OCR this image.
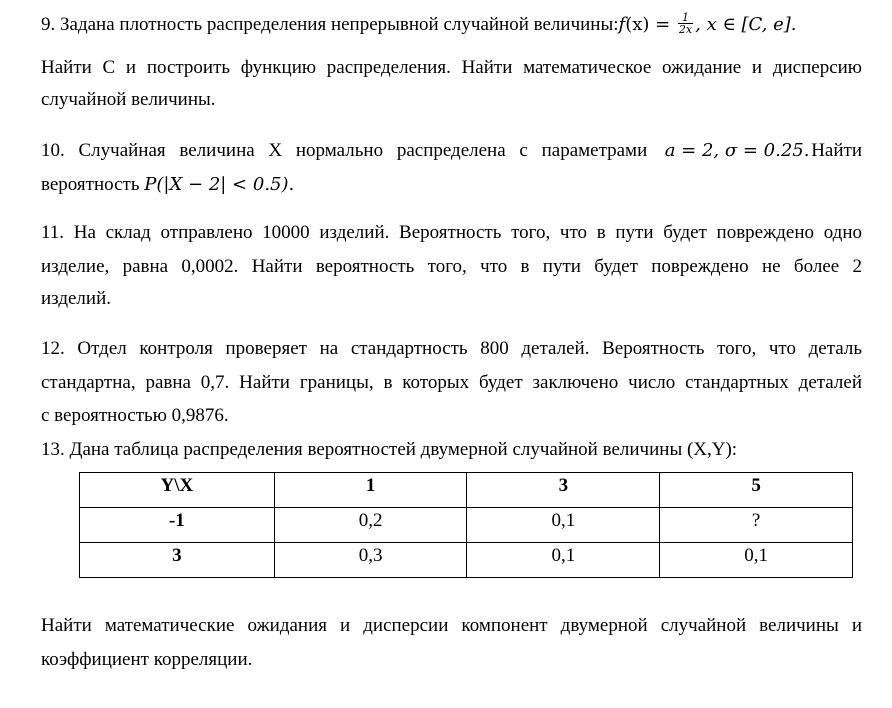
9. Задана плотность распределения непрерывной случайной величины:f(x) = $\frac{1}{2x}$ , x ∈ [C, e].
Найти С и построить функцию распределения. Найти математическое ожидание и дисперсию
случайной величины.
10. Случайная величина X нормально распределена с параметрами a = 2, σ = 0.25. Найти
вероятность P(|X − 2| < 0.5).
11. На склад отправлено 10000 изделий. Вероятность того, что в пути будет повреждено одно
изделие, равна 0,0002. Найти вероятность того, что в пути будет повреждено не более 2
изделий.
12. Отдел контроля проверяет на стандартность 800 деталей. Вероятность того, что деталь
стандартна, равна 0,7. Найти границы, в которых будет заключено число стандартных деталей
с вероятностью 0,9876.
13. Дана таблица распределения вероятностей двумерной случайной величины (X,Y):
Y\X	1	3	5
-1	0,2	0,1	?
3	0,3	0,1	0,1
Найти математические ожидания и дисперсии компонент двумерной случайной величины и
коэффициент корреляции.
